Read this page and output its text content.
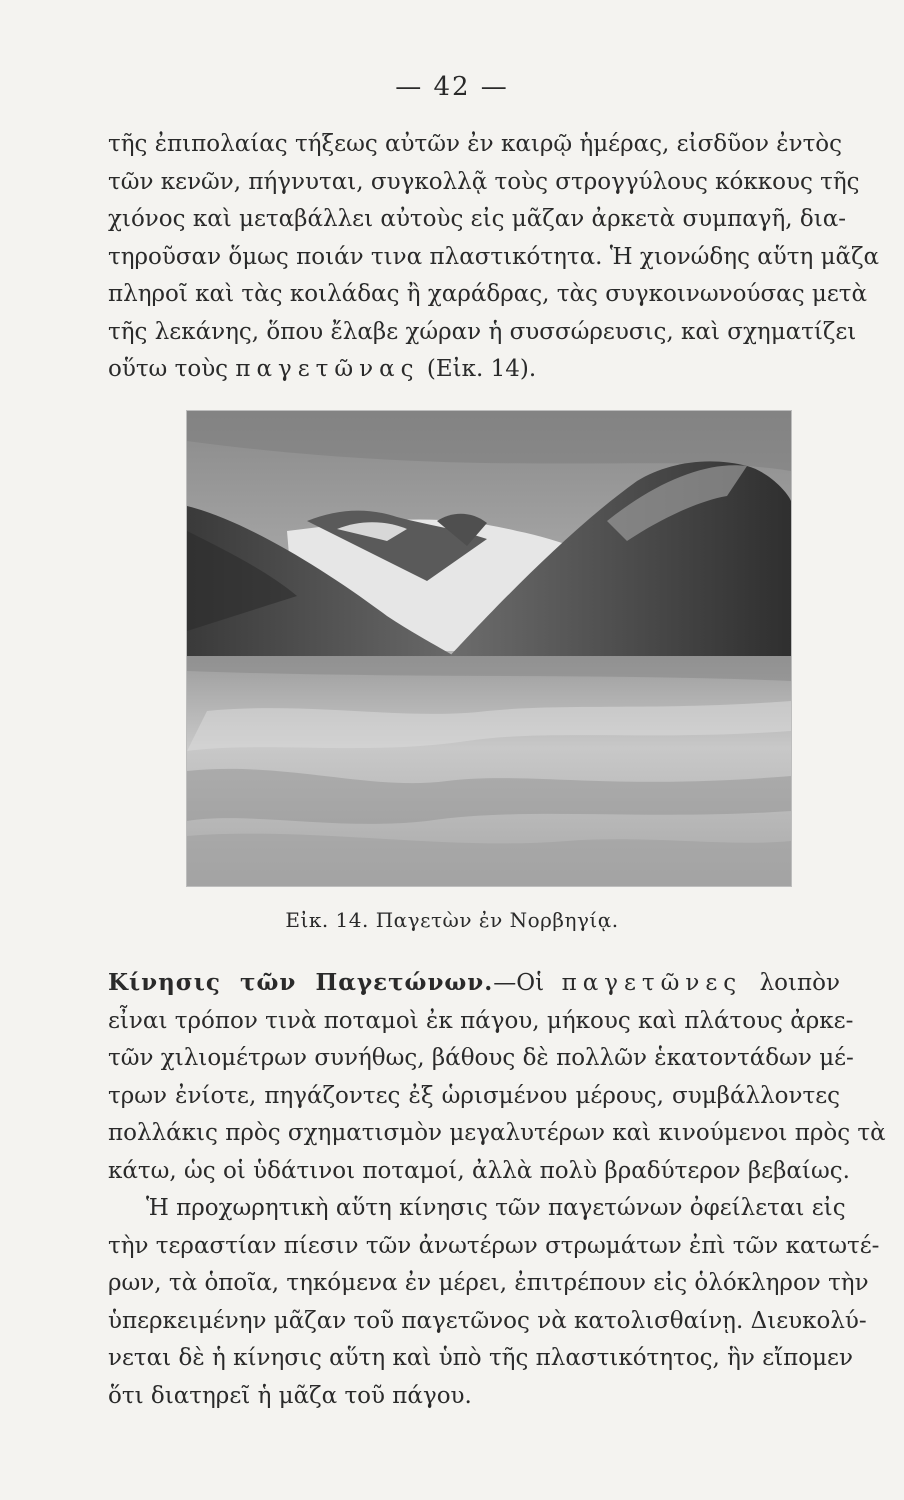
— 42 —

τῆς ἐπιπολαίας τήξεως αὐτῶν ἐν καιρῷ ἡμέρας, εἰσδῦον ἐντὸς
τῶν κενῶν, πήγνυται, συγκολλᾷ τοὺς στρογγύλους κόκκους τῆς
χιόνος καὶ μεταβάλλει αὐτοὺς εἰς μᾶζαν ἀρκετὰ συμπαγῆ, δια-
τηροῦσαν ὅμως ποιάν τινα πλαστικότητα. Ἡ χιονώδης αὕτη μᾶζα
πληροῖ καὶ τὰς κοιλάδας ἢ χαράδρας, τὰς συγκοινωνούσας μετὰ
τῆς λεκάνης, ὅπου ἔλαβε χώραν ἡ συσσώρευσις, καὶ σχηματίζει
οὕτω τοὺς παγετῶνας (Εἰκ. 14).

Εἰκ. 14. Παγετὼν ἐν Νορβηγίᾳ.

Κίνησις τῶν Παγετώνων.—Οἱ παγετῶνες λοιπὸν
εἶναι τρόπον τινὰ ποταμοὶ ἐκ πάγου, μήκους καὶ πλάτους ἀρκε-
τῶν χιλιομέτρων συνήθως, βάθους δὲ πολλῶν ἑκατοντάδων μέ-
τρων ἐνίοτε, πηγάζοντες ἐξ ὡρισμένου μέρους, συμβάλλοντες
πολλάκις πρὸς σχηματισμὸν μεγαλυτέρων καὶ κινούμενοι πρὸς τὰ
κάτω, ὡς οἱ ὑδάτινοι ποταμοί, ἀλλὰ πολὺ βραδύτερον βεβαίως.

Ἡ προχωρητικὴ αὕτη κίνησις τῶν παγετώνων ὀφείλεται εἰς
τὴν τεραστίαν πίεσιν τῶν ἀνωτέρων στρωμάτων ἐπὶ τῶν κατωτέ-
ρων, τὰ ὁποῖα, τηκόμενα ἐν μέρει, ἐπιτρέπουν εἰς ὁλόκληρον τὴν
ὑπερκειμένην μᾶζαν τοῦ παγετῶνος νὰ κατολισθαίνῃ. Διευκολύ-
νεται δὲ ἡ κίνησις αὕτη καὶ ὑπὸ τῆς πλαστικότητος, ἣν εἴπομεν
ὅτι διατηρεῖ ἡ μᾶζα τοῦ πάγου.
